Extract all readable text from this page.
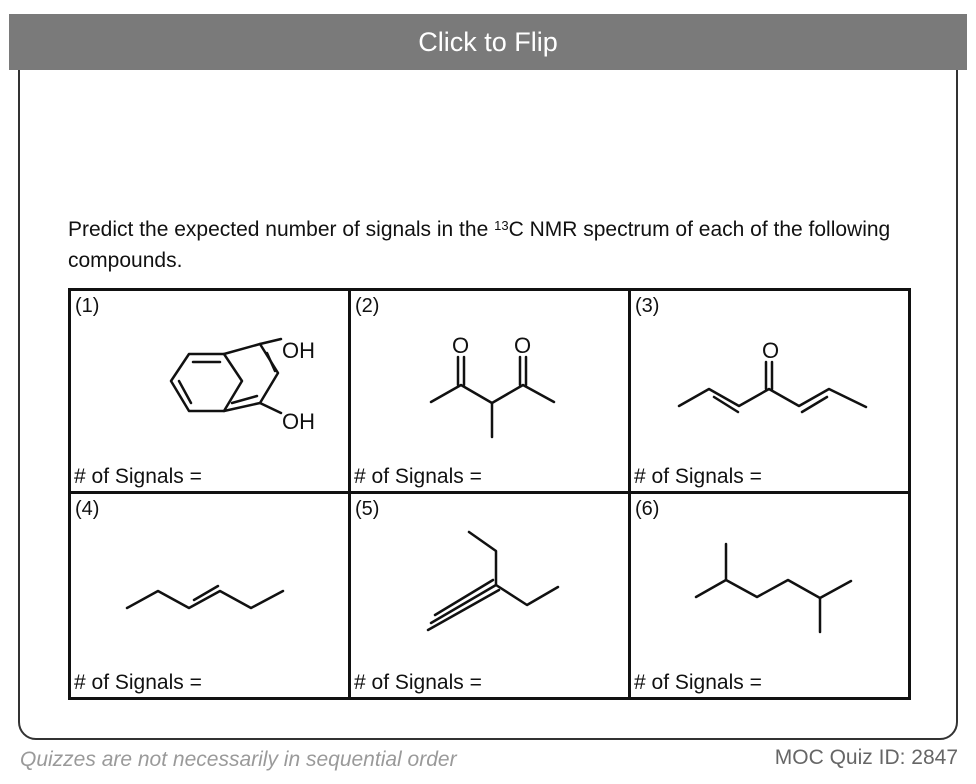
Click to Flip
Predict the expected number of signals in the $^{13}$C NMR spectrum of each of the following compounds.
(1)
OH
OH
# of Signals =
(2)
O O
# of Signals =
(3)
O
# of Signals =
(4)
# of Signals =
(5)
# of Signals =
(6)
# of Signals =
Quizzes are not necessarily in sequential order	MOC Quiz ID: 2847
